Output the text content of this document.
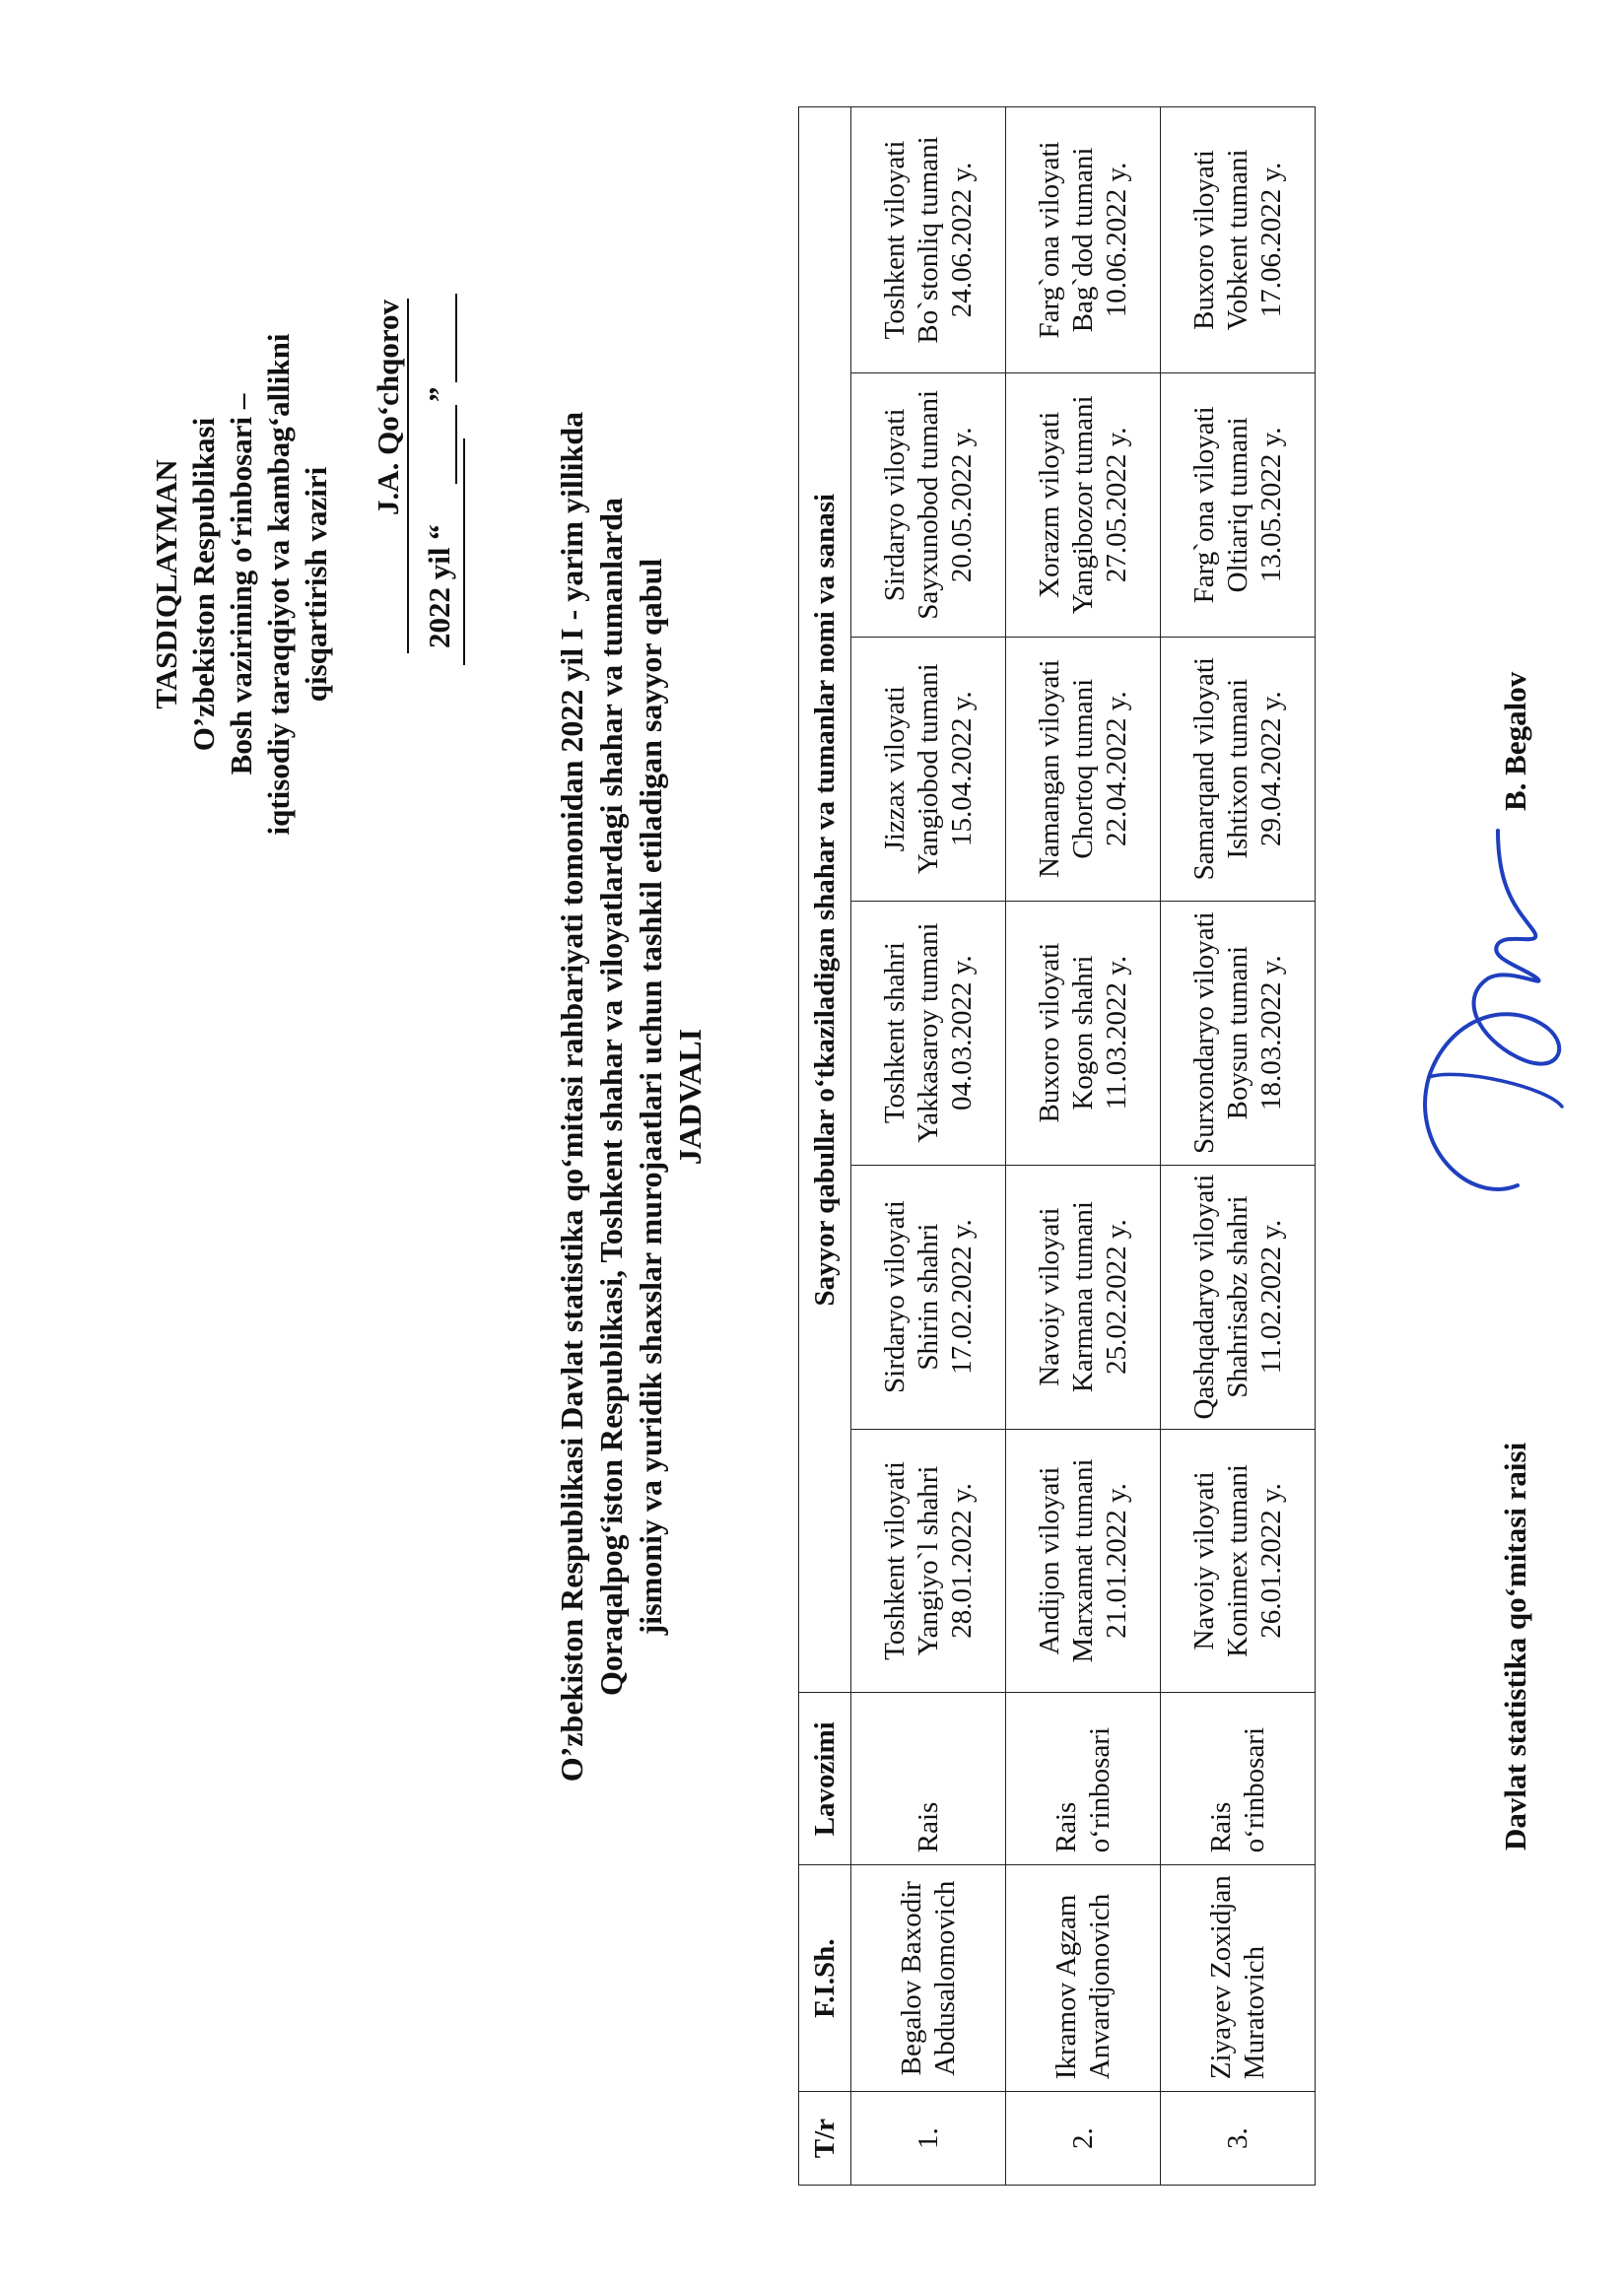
TASDIQLAYMAN O’zbekiston Respublikasi Bosh vazirining o‘rinbosari – iqtisodiy taraqqiyot va kambag‘allikni qisqartirish vaziri
J.A. Qo‘chqorov
2022 yil “
”
O’zbekiston Respublikasi Davlat statistika qo‘mitasi rahbariyati tomonidan 2022 yil I - yarim yillikda Qoraqalpog‘iston Respublikasi, Toshkent shahar va viloyatlardagi shahar va tumanlarda jismoniy va yuridik shaxslar murojaatlari uchun tashkil etiladigan sayyor qabul JADVALI
T/r	F.I.Sh.	Lavozimi	Sayyor qabullar o‘tkaziladigan shahar va tumanlar nomi va sanasi					
1.	Begalov Baxodir Abdusalomovich	Rais	Toshkent viloyati Yangiyo`l shahri 28.01.2022 y.	Sirdaryo viloyati Shirin shahri 17.02.2022 y.	Toshkent shahri Yakkasaroy tumani 04.03.2022 y.	Jizzax viloyati Yangiobod tumani 15.04.2022 y.	Sirdaryo viloyati Sayxunobod tumani 20.05.2022 y.	Toshkent viloyati Bo`stonliq tumani 24.06.2022 y.

2.	Ikramov Agzam Anvardjonovich	Rais o‘rinbosari	Andijon viloyati Marxamat tumani 21.01.2022 y.	Navoiy viloyati Karmana tumani 25.02.2022 y.	Buxoro viloyati Kogon shahri 11.03.2022 y.	Namangan viloyati Chortoq tumani 22.04.2022 y.	Xorazm viloyati Yangibozor tumani 27.05.2022 y.	Farg`ona viloyati Bag`dod tumani 10.06.2022 y.

3.	Ziyayev Zoxidjan Muratovich	Rais o‘rinbosari	Navoiy viloyati Konimex tumani 26.01.2022 y.	Qashqadaryo viloyati Shahrisabz shahri 11.02.2022 y.	Surxondaryo viloyati Boysun tumani 18.03.2022 y.	Samarqand viloyati Ishtixon tumani 29.04.2022 y.	Farg`ona viloyati Oltiariq tumani 13.05.2022 y.	Buxoro viloyati Vobkent tumani 17.06.2022 y.
Davlat statistika qo‘mitasi raisi
B. Begalov
